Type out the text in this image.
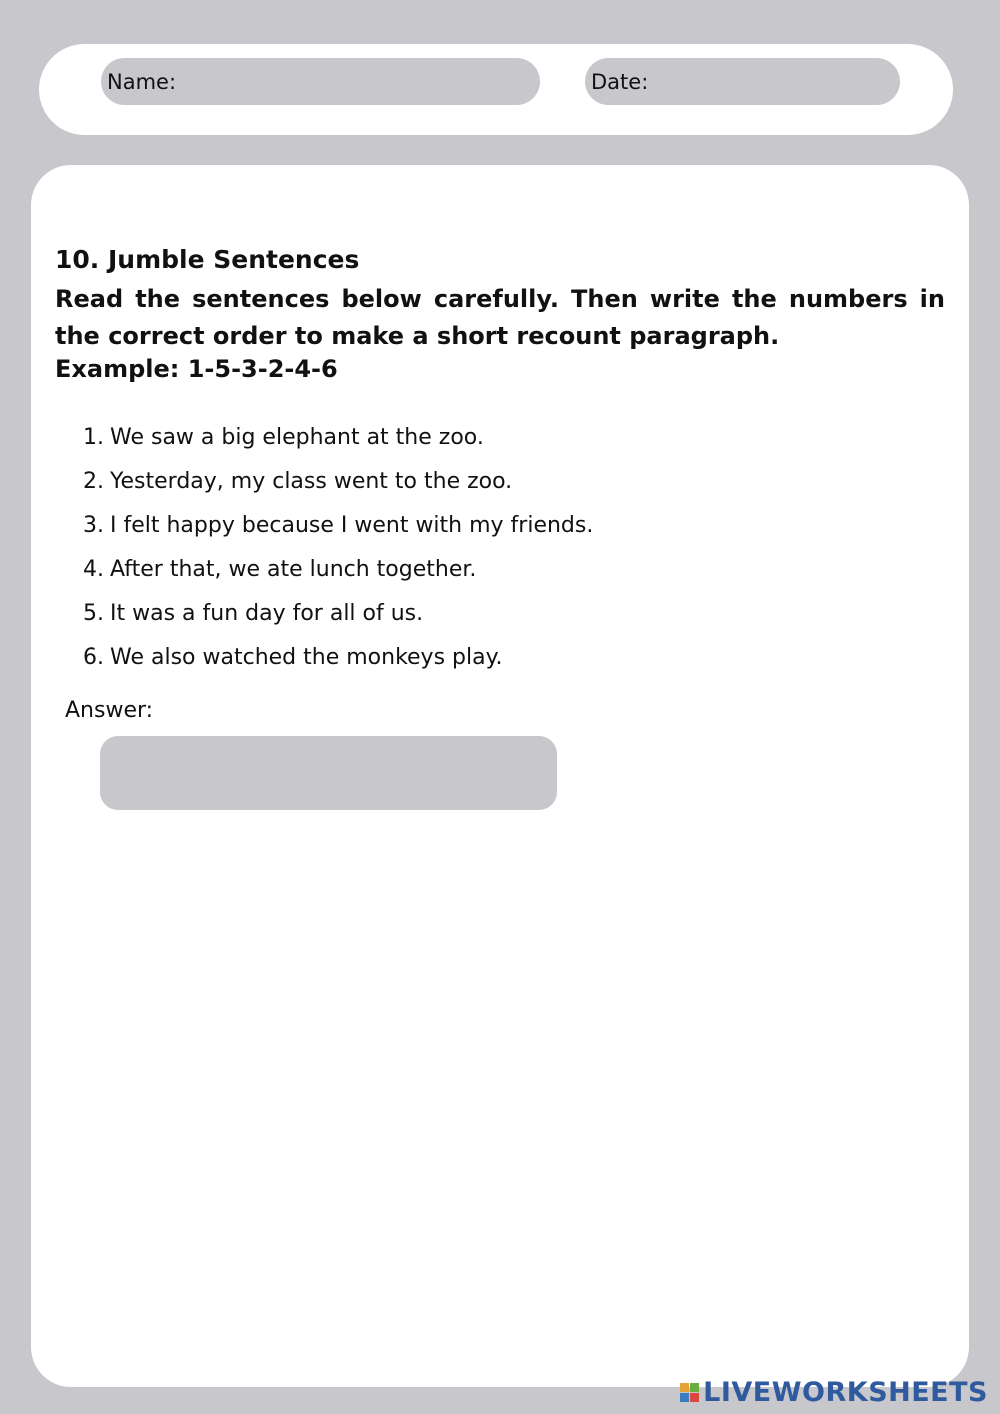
Name:	Date:
10. Jumble Sentences

Read the sentences below carefully. Then write the numbers in the correct order to make a short recount paragraph.

Example: 1-5-3-2-4-6

1. We saw a big elephant at the zoo.
2. Yesterday, my class went to the zoo.
3. I felt happy because I went with my friends.
4. After that, we ate lunch together.
5. It was a fun day for all of us.
6. We also watched the monkeys play.
Answer:
LIVEWORKSHEETS
